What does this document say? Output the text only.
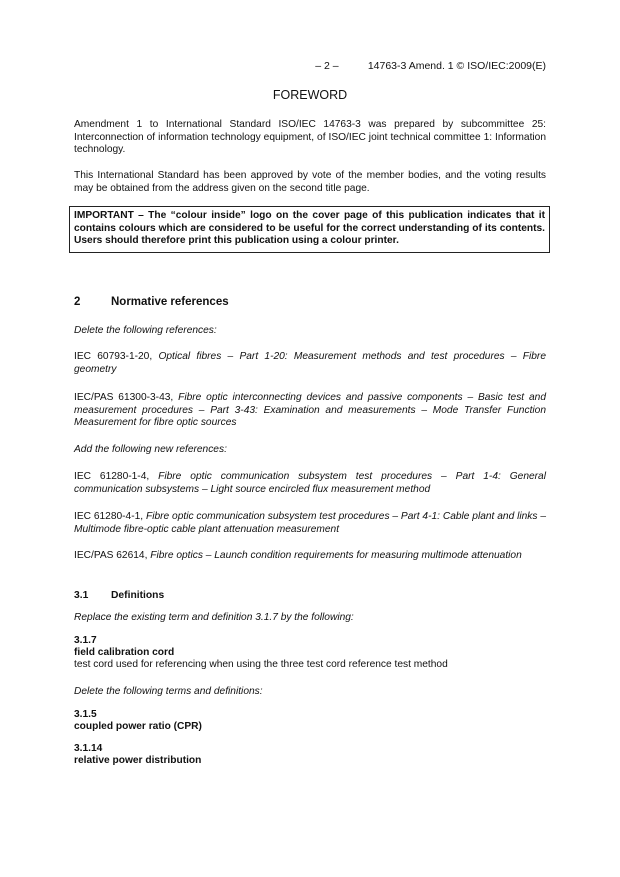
– 2 –	14763-3 Amend. 1 © ISO/IEC:2009(E)
FOREWORD
Amendment 1 to International Standard ISO/IEC 14763-3 was prepared by subcommittee 25: Interconnection of information technology equipment, of ISO/IEC joint technical committee 1: Information technology.
This International Standard has been approved by vote of the member bodies, and the voting results may be obtained from the address given on the second title page.
IMPORTANT – The “colour inside” logo on the cover page of this publication indicates that it contains colours which are considered to be useful for the correct understanding of its contents. Users should therefore print this publication using a colour printer.
2	Normative references
Delete the following references:
IEC 60793-1-20, Optical fibres – Part 1-20: Measurement methods and test procedures – Fibre geometry
IEC/PAS 61300-3-43, Fibre optic interconnecting devices and passive components – Basic test and measurement procedures – Part 3-43: Examination and measurements – Mode Transfer Function Measurement for fibre optic sources
Add the following new references:
IEC 61280-1-4, Fibre optic communication subsystem test procedures – Part 1-4: General communication subsystems – Light source encircled flux measurement method
IEC 61280-4-1, Fibre optic communication subsystem test procedures – Part 4-1: Cable plant and links – Multimode fibre-optic cable plant attenuation measurement
IEC/PAS 62614, Fibre optics – Launch condition requirements for measuring multimode attenuation
3.1 Definitions
Replace the existing term and definition 3.1.7 by the following:
3.1.7
field calibration cord
test cord used for referencing when using the three test cord reference test method
Delete the following terms and definitions:
3.1.5
coupled power ratio (CPR)
3.1.14
relative power distribution
